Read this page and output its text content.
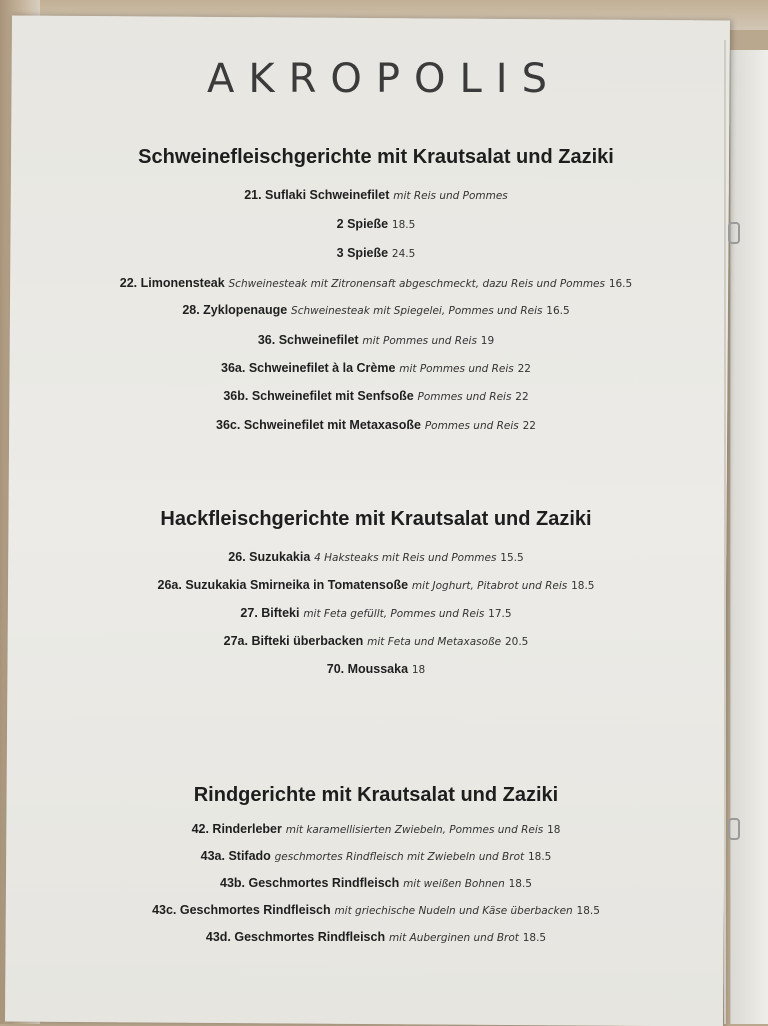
AKROPOLIS
Schweinefleischgerichte mit Krautsalat und Zaziki
21. Suflaki Schweinefilet mit Reis und Pommes
2 Spieße 18.5
3 Spieße 24.5
22. Limonensteak Schweinesteak mit Zitronensaft abgeschmeckt, dazu Reis und Pommes 16.5
28. Zyklopenauge Schweinesteak mit Spiegelei, Pommes und Reis 16.5
36. Schweinefilet mit Pommes und Reis 19
36a. Schweinefilet à la Crème mit Pommes und Reis 22
36b. Schweinefilet mit Senfsoße Pommes und Reis 22
36c. Schweinefilet mit Metaxasoße Pommes und Reis 22
Hackfleischgerichte mit Krautsalat und Zaziki
26. Suzukakia 4 Haksteaks mit Reis und Pommes 15.5
26a. Suzukakia Smirneika in Tomatensoße mit Joghurt, Pitabrot und Reis 18.5
27. Bifteki mit Feta gefüllt, Pommes und Reis 17.5
27a. Bifteki überbacken mit Feta und Metaxasoße 20.5
70. Moussaka 18
Rindgerichte mit Krautsalat und Zaziki
42. Rinderleber mit karamellisierten Zwiebeln, Pommes und Reis 18
43a. Stifado geschmortes Rindfleisch mit Zwiebeln und Brot 18.5
43b. Geschmortes Rindfleisch mit weißen Bohnen 18.5
43c. Geschmortes Rindfleisch mit griechische Nudeln und Käse überbacken 18.5
43d. Geschmortes Rindfleisch mit Auberginen und Brot 18.5
